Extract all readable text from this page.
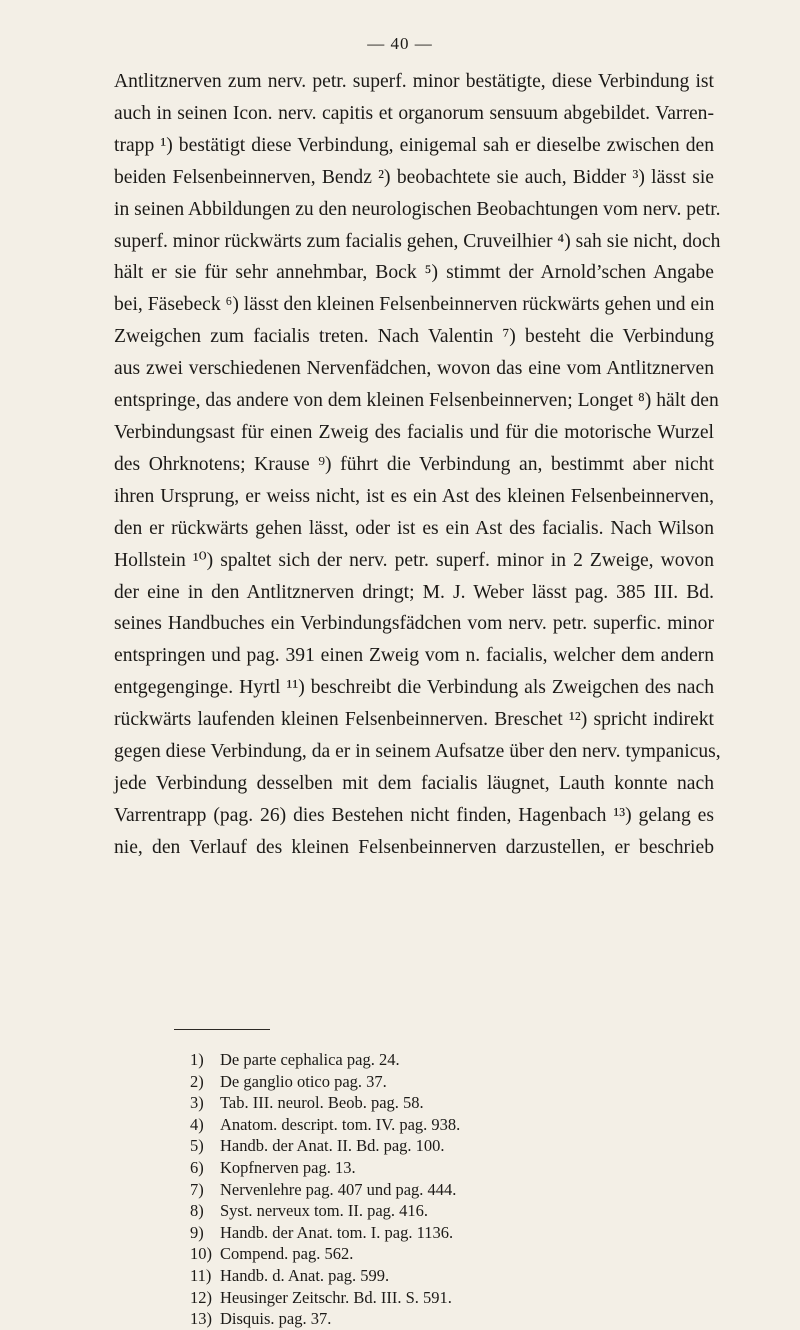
— 40 —
Antlitznerven zum nerv. petr. superf. minor bestätigte, diese Verbindung ist
auch in seinen Icon. nerv. capitis et organorum sensuum abgebildet. Varren-
trapp ¹) bestätigt diese Verbindung, einigemal sah er dieselbe zwischen den
beiden Felsenbeinnerven, Bendz ²) beobachtete sie auch, Bidder ³) lässt sie
in seinen Abbildungen zu den neurologischen Beobachtungen vom nerv. petr.
superf. minor rückwärts zum facialis gehen, Cruveilhier ⁴) sah sie nicht, doch
hält er sie für sehr annehmbar, Bock ⁵) stimmt der Arnold’schen Angabe
bei, Fäsebeck ⁶) lässt den kleinen Felsenbeinnerven rückwärts gehen und ein
Zweigchen zum facialis treten. Nach Valentin ⁷) besteht die Verbindung
aus zwei verschiedenen Nervenfädchen, wovon das eine vom Antlitznerven
entspringe, das andere von dem kleinen Felsenbeinnerven; Longet ⁸) hält den
Verbindungsast für einen Zweig des facialis und für die motorische Wurzel
des Ohrknotens; Krause ⁹) führt die Verbindung an, bestimmt aber nicht
ihren Ursprung, er weiss nicht, ist es ein Ast des kleinen Felsenbeinnerven,
den er rückwärts gehen lässt, oder ist es ein Ast des facialis. Nach Wilson
Hollstein ¹⁰) spaltet sich der nerv. petr. superf. minor in 2 Zweige, wovon
der eine in den Antlitznerven dringt; M. J. Weber lässt pag. 385 III. Bd.
seines Handbuches ein Verbindungsfädchen vom nerv. petr. superfic. minor
entspringen und pag. 391 einen Zweig vom n. facialis, welcher dem andern
entgegenginge. Hyrtl ¹¹) beschreibt die Verbindung als Zweigchen des nach
rückwärts laufenden kleinen Felsenbeinnerven. Breschet ¹²) spricht indirekt
gegen diese Verbindung, da er in seinem Aufsatze über den nerv. tympanicus,
jede Verbindung desselben mit dem facialis läugnet, Lauth konnte nach
Varrentrapp (pag. 26) dies Bestehen nicht finden, Hagenbach ¹³) gelang es
nie, den Verlauf des kleinen Felsenbeinnerven darzustellen, er beschrieb
1) De parte cephalica pag. 24.
2) De ganglio otico pag. 37.
3) Tab. III. neurol. Beob. pag. 58.
4) Anatom. descript. tom. IV. pag. 938.
5) Handb. der Anat. II. Bd. pag. 100.
6) Kopfnerven pag. 13.
7) Nervenlehre pag. 407 und pag. 444.
8) Syst. nerveux tom. II. pag. 416.
9) Handb. der Anat. tom. I. pag. 1136.
10) Compend. pag. 562.
11) Handb. d. Anat. pag. 599.
12) Heusinger Zeitschr. Bd. III. S. 591.
13) Disquis. pag. 37.
